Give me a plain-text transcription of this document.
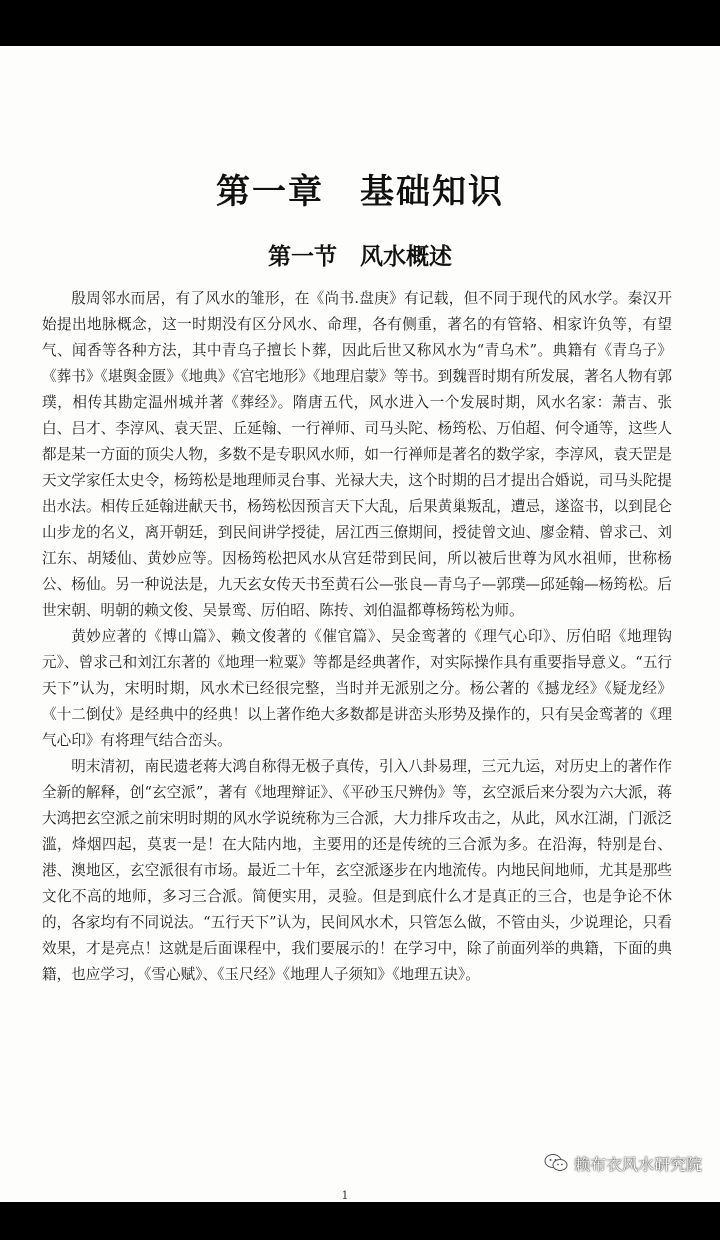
第一章　基础知识
第一节　风水概述

殷周邻水而居，有了风水的雏形，在《尚书.盘庚》有记载，但不同于现代的风水学。秦汉开始提出地脉概念，这一时期没有区分风水、命理，各有侧重，著名的有管辂、相家许负等，有望气、闻香等各种方法，其中青乌子擅长卜葬，因此后世又称风水为“青乌术”。典籍有《青乌子》《葬书》《堪舆金匮》《地典》《宫宅地形》《地理启蒙》等书。到魏晋时期有所发展，著名人物有郭璞，相传其勘定温州城并著《葬经》。隋唐五代，风水进入一个发展时期，风水名家：萧吉、张白、吕才、李淳风、袁天罡、丘延翰、一行禅师、司马头陀、杨筠松、万伯超、何令通等，这些人都是某一方面的顶尖人物，多数不是专职风水师，如一行禅师是著名的数学家，李淳风，袁天罡是天文学家任太史令，杨筠松是地理师灵台事、光禄大夫，这个时期的吕才提出合婚说，司马头陀提出水法。相传丘延翰进献天书，杨筠松因预言天下大乱，后果黄巢叛乱，遭忌，遂盗书，以到昆仑山步龙的名义，离开朝廷，到民间讲学授徒，居江西三僚期间，授徒曾文辿、廖金精、曾求己、刘江东、胡矮仙、黄妙应等。因杨筠松把风水从宫廷带到民间，所以被后世尊为风水祖师，世称杨公、杨仙。另一种说法是，九天玄女传天书至黄石公—张良—青乌子—郭璞—邱延翰—杨筠松。后世宋朝、明朝的赖文俊、吴景鸾、厉伯昭、陈抟、刘伯温都尊杨筠松为师。

黄妙应著的《博山篇》、赖文俊著的《催官篇》、吴金鸾著的《理气心印》、厉伯昭《地理钩元》、曾求己和刘江东著的《地理一粒粟》等都是经典著作，对实际操作具有重要指导意义。“五行天下”认为，宋明时期，风水术已经很完整，当时并无派别之分。杨公著的《撼龙经》《疑龙经》《十二倒仗》是经典中的经典！以上著作绝大多数都是讲峦头形势及操作的，只有吴金鸾著的《理气心印》有将理气结合峦头。

明末清初，南民遗老蒋大鸿自称得无极子真传，引入八卦易理，三元九运，对历史上的著作作全新的解释，创“玄空派”，著有《地理辩证》、《平砂玉尺辨伪》等，玄空派后来分裂为六大派，蒋大鸿把玄空派之前宋明时期的风水学说统称为三合派，大力排斥攻击之，从此，风水江湖，门派泛滥，烽烟四起，莫衷一是！在大陆内地，主要用的还是传统的三合派为多。在沿海，特别是台、港、澳地区，玄空派很有市场。最近二十年，玄空派逐步在内地流传。内地民间地师，尤其是那些文化不高的地师，多习三合派。简便实用，灵验。但是到底什么才是真正的三合，也是争论不休的，各家均有不同说法。“五行天下”认为，民间风水术，只管怎么做，不管由头，少说理论，只看效果，才是亮点！这就是后面课程中，我们要展示的！在学习中，除了前面列举的典籍，下面的典籍，也应学习，《雪心赋》、《玉尺经》《地理人子须知》《地理五诀》。

1
赖布衣风水研究院
